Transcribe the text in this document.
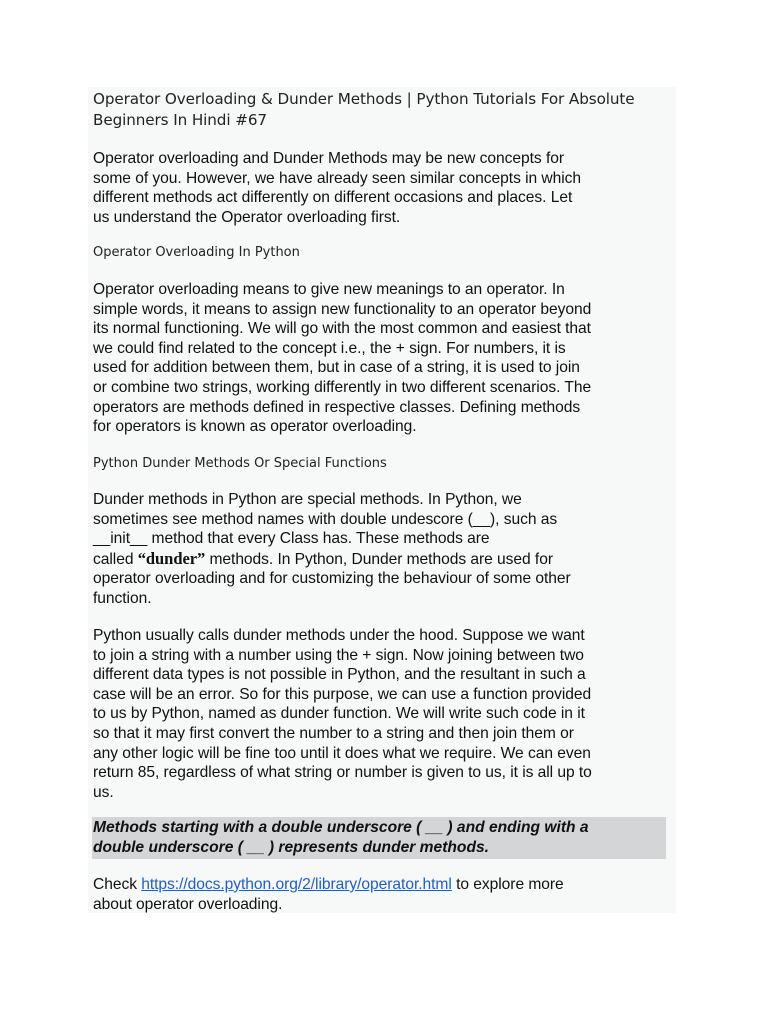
Operator Overloading & Dunder Methods | Python Tutorials For Absolute
Beginners In Hindi #67
Operator overloading and Dunder Methods may be new concepts for
some of you. However, we have already seen similar concepts in which
different methods act differently on different occasions and places. Let
us understand the Operator overloading first.
Operator Overloading In Python
Operator overloading means to give new meanings to an operator. In
simple words, it means to assign new functionality to an operator beyond
its normal functioning. We will go with the most common and easiest that
we could find related to the concept i.e., the + sign. For numbers, it is
used for addition between them, but in case of a string, it is used to join
or combine two strings, working differently in two different scenarios. The
operators are methods defined in respective classes. Defining methods
for operators is known as operator overloading.
Python Dunder Methods Or Special Functions
Dunder methods in Python are special methods. In Python, we
sometimes see method names with double undescore (__), such as
__init__ method that every Class has. These methods are
called “dunder” methods. In Python, Dunder methods are used for
operator overloading and for customizing the behaviour of some other
function.
Python usually calls dunder methods under the hood. Suppose we want
to join a string with a number using the + sign. Now joining between two
different data types is not possible in Python, and the resultant in such a
case will be an error. So for this purpose, we can use a function provided
to us by Python, named as dunder function. We will write such code in it
so that it may first convert the number to a string and then join them or
any other logic will be fine too until it does what we require. We can even
return 85, regardless of what string or number is given to us, it is all up to
us.
Methods starting with a double underscore ( __ ) and ending with a
double underscore ( __ ) represents dunder methods.
Check https://docs.python.org/2/library/operator.html to explore more
about operator overloading.
